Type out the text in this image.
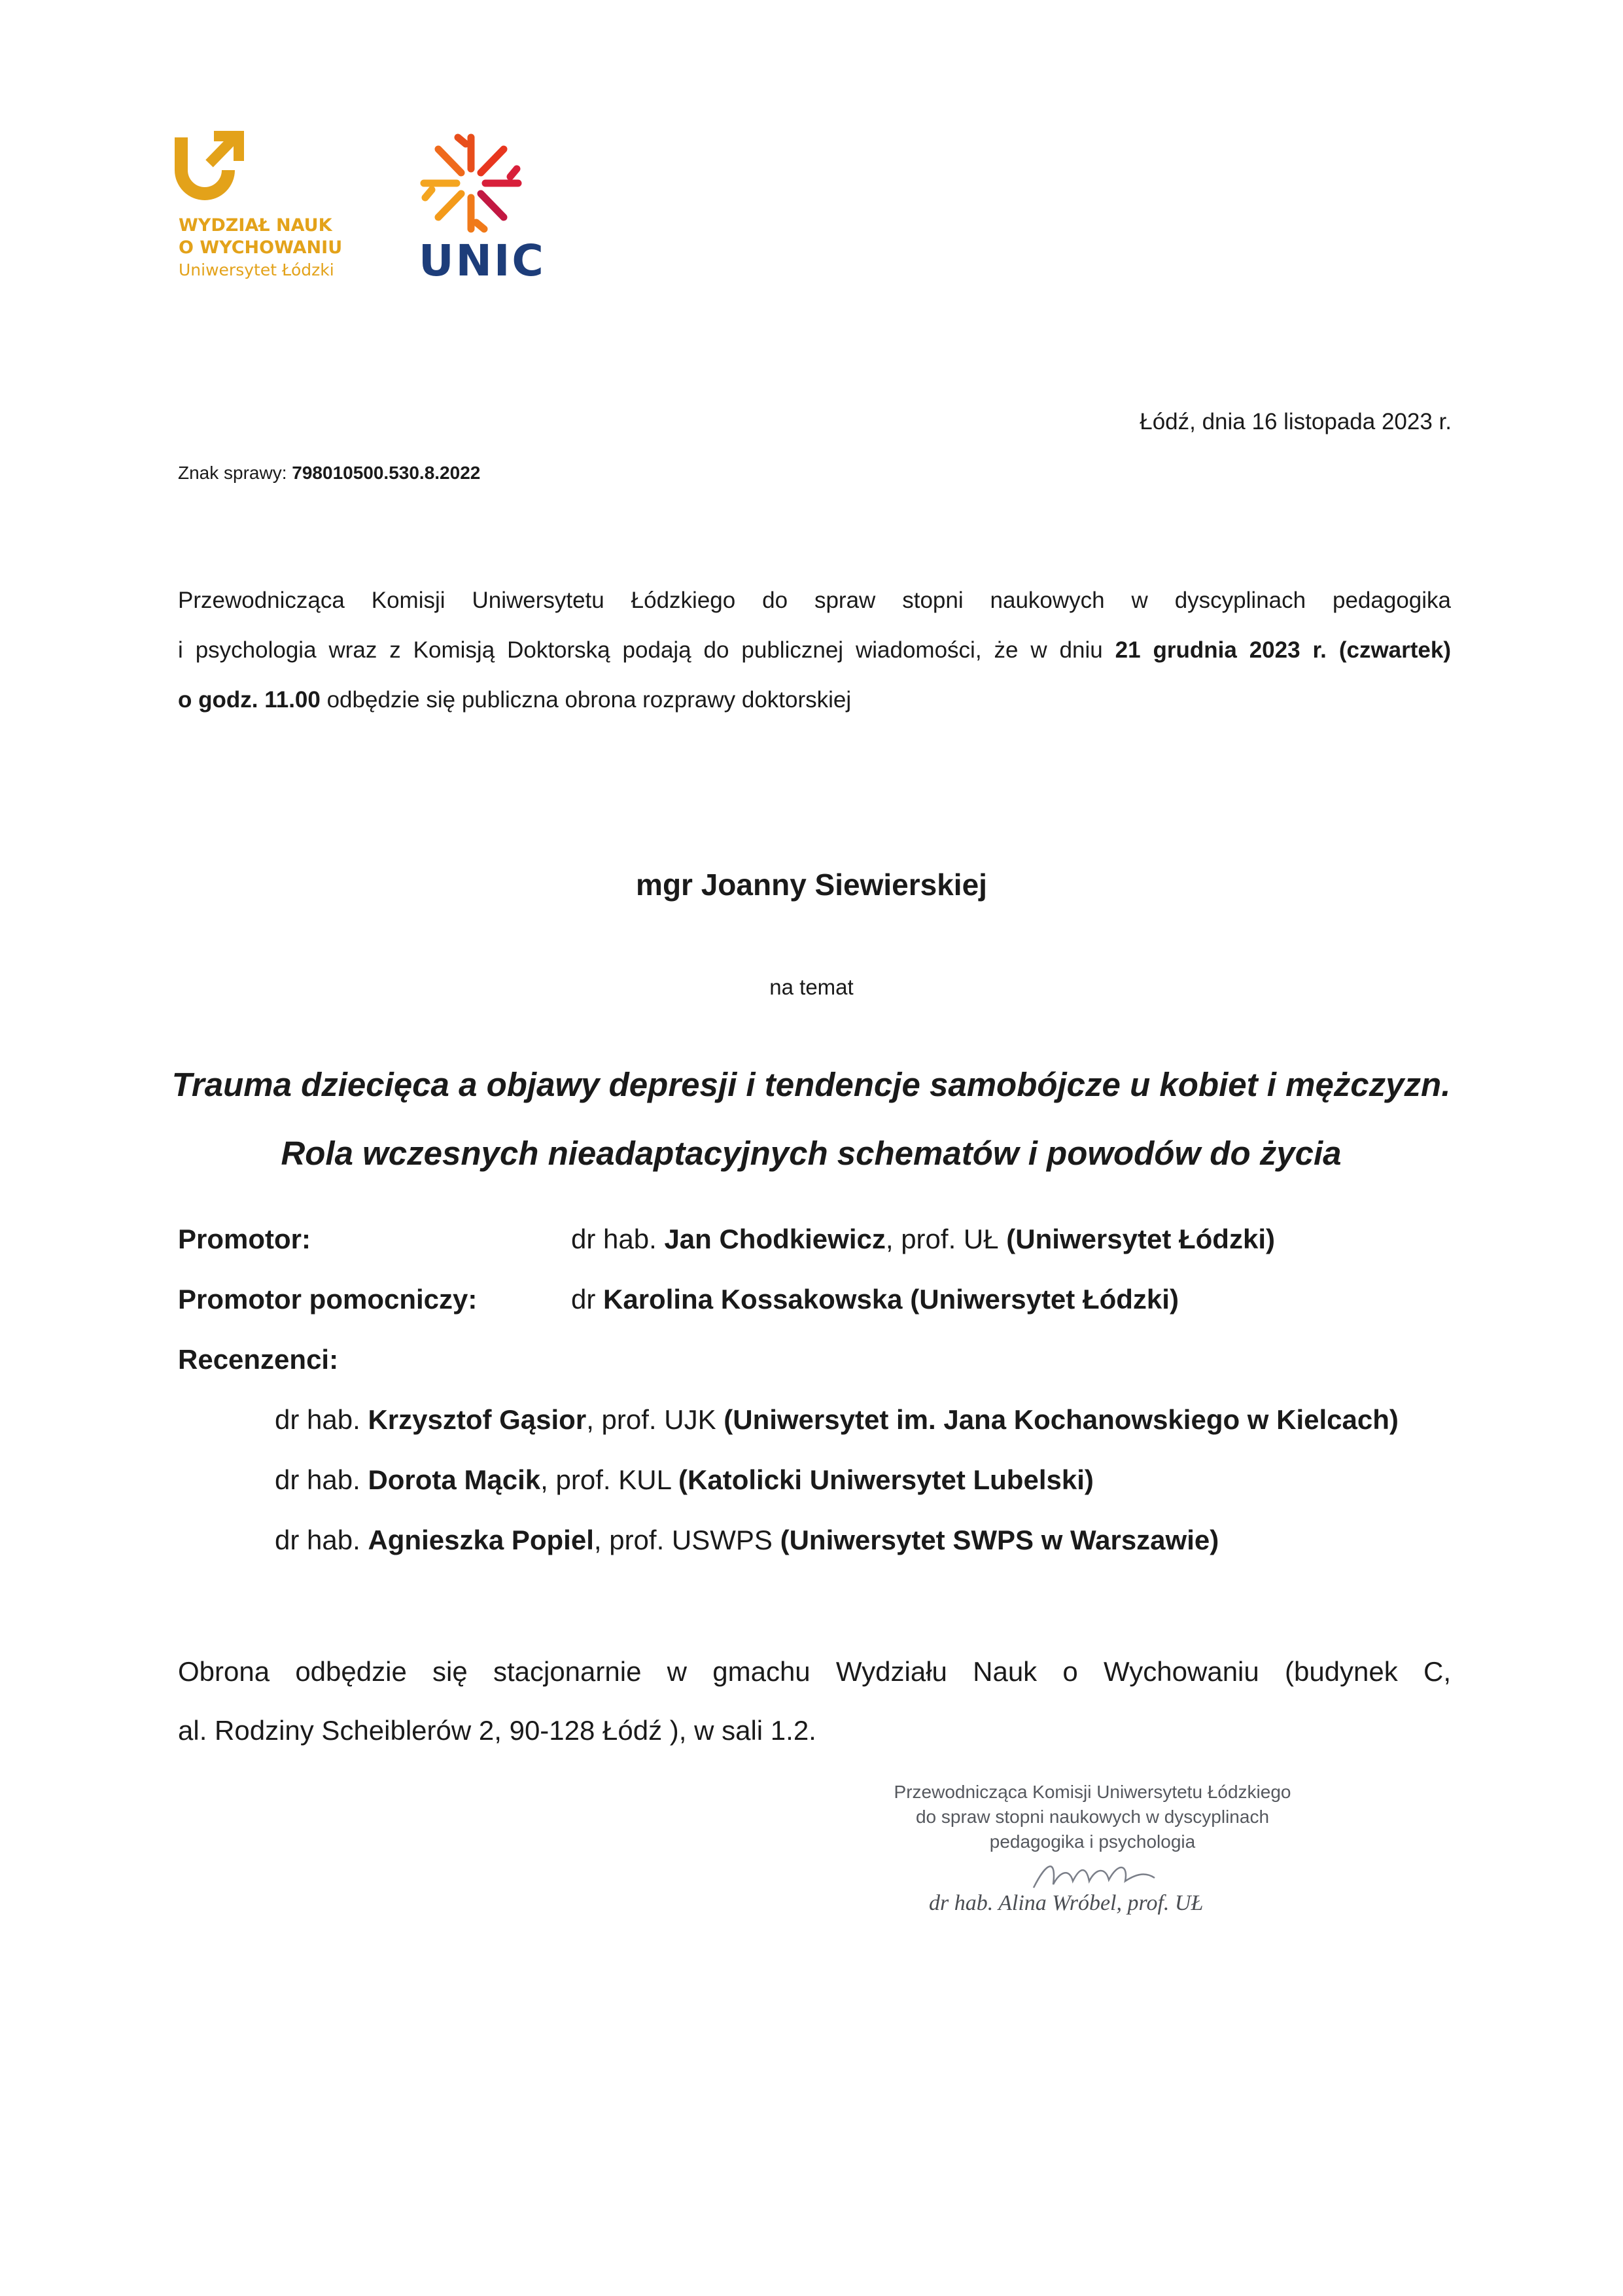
WYDZIAŁ NAUK
O WYCHOWANIU
Uniwersytet Łódzki UNIC
Łódź, dnia 16 listopada 2023 r.
Znak sprawy: 798010500.530.8.2022
Przewodnicząca Komisji Uniwersytetu Łódzkiego do spraw stopni naukowych w dyscyplinach pedagogika
i psychologia wraz z Komisją Doktorską podają do publicznej wiadomości, że w dniu 21 grudnia 2023 r. (czwartek)
o godz. 11.00 odbędzie się publiczna obrona rozprawy doktorskiej
mgr Joanny Siewierskiej
na temat
Trauma dziecięca a objawy depresji i tendencje samobójcze u kobiet i mężczyzn.
Rola wczesnych nieadaptacyjnych schematów i powodów do życia
Promotor:	dr hab. Jan Chodkiewicz, prof. UŁ (Uniwersytet Łódzki)
Promotor pomocniczy:	dr Karolina Kossakowska (Uniwersytet Łódzki)
Recenzenci:
dr hab. Krzysztof Gąsior, prof. UJK (Uniwersytet im. Jana Kochanowskiego w Kielcach)
dr hab. Dorota Mącik, prof. KUL (Katolicki Uniwersytet Lubelski)
dr hab. Agnieszka Popiel, prof. USWPS (Uniwersytet SWPS w Warszawie)
Obrona odbędzie się stacjonarnie w gmachu Wydziału Nauk o Wychowaniu (budynek C,
al. Rodziny Scheiblerów 2, 90-128 Łódź ), w sali 1.2.
Przewodnicząca Komisji Uniwersytetu Łódzkiego
do spraw stopni naukowych w dyscyplinach
pedagogika i psychologia
dr hab. Alina Wróbel, prof. UŁ
